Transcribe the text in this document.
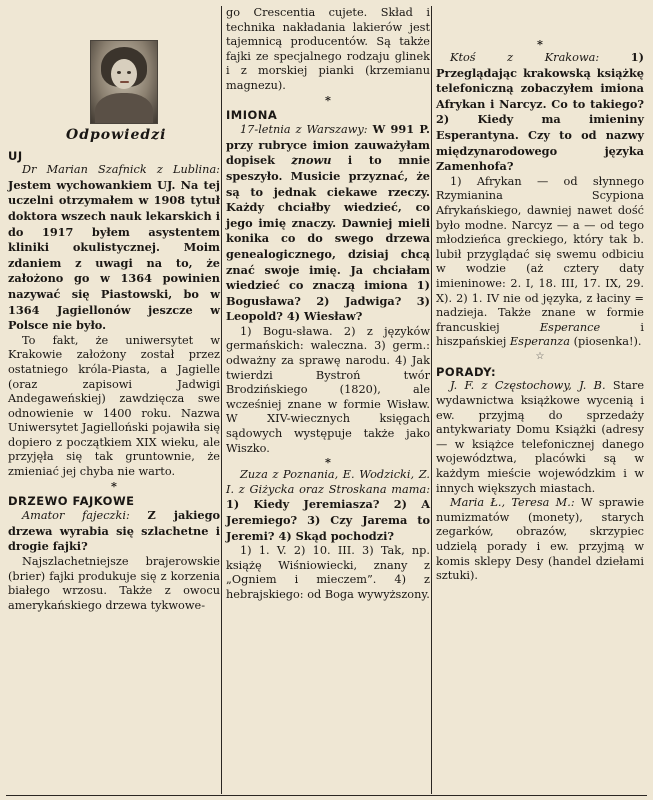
Odpowiedzi
UJ

Dr Marian Szafnick z Lublina: Jestem wychowankiem UJ. Na tej uczelni otrzymałem w 1908 tytuł doktora wszech nauk lekarskich i do 1917 byłem asystentem kliniki okulistycznej. Moim zdaniem z uwagi na to, że założono go w 1364 powinien nazywać się Piastowski, bo w 1364 Jagiellonów jeszcze w Polsce nie było.

To fakt, że uniwersytet w Krakowie założony został przez ostatniego króla-Piasta, a Jagielle (oraz zapisowi Jadwigi Andegaweńskiej) zawdzięcza swe odnowienie w 1400 roku. Nazwa Uniwersytet Jagielloński pojawiła się dopiero z początkiem XIX wieku, ale przyjęła się tak gruntownie, że zmieniać jej chyba nie warto.

*
DRZEWO FAJKOWE

Amator fajeczki: Z jakiego drzewa wyrabia się szlachetne i drogie fajki?

Najszlachetniejsze brajerowskie (brier) fajki produkuje się z korzenia białego wrzosu. Także z owocu amerykańskiego drzewa tykwowe-

go Crescentia cujete. Skład i technika nakładania lakierów jest tajemnicą producentów. Są także fajki ze specjalnego rodzaju glinek i z morskiej pianki (krzemianu magnezu).

*
IMIONA

17-letnia z Warszawy: W 991 P. przy rubryce imion zauważyłam dopisek znowu i to mnie speszyło. Musicie przyznać, że są to jednak ciekawe rzeczy. Każdy chciałby wiedzieć, co jego imię znaczy. Dawniej mieli konika co do swego drzewa genealogicznego, dzisiaj chcą znać swoje imię. Ja chciałam wiedzieć co znaczą imiona 1) Bogusława? 2) Jadwiga? 3) Leopold? 4) Wiesław?

1) Bogu-sława. 2) z języków germańskich: waleczna. 3) germ.: odważny za sprawę narodu. 4) Jak twierdzi Bystroń twór Brodzińskiego (1820), ale wcześniej znane w formie Wisław. W XIV-wiecznych księgach sądowych występuje także jako Wiszko.

*

Zuza z Poznania, E. Wodzicki, Z. I. z Giżycka oraz Stroskana mama: 1) Kiedy Jeremiasza? 2) A Jeremiego? 3) Czy Jarema to Jeremi? 4) Skąd pochodzi?

1) 1. V. 2) 10. III. 3) Tak, np. książę Wiśniowiecki, znany z „Ogniem i mieczem”. 4) z hebrajskiego: od Boga wywyższony.

*

Ktoś z Krakowa:	1) Przeglądając krakowską książkę telefoniczną zobaczyłem imiona Afrykan i Narcyz. Co to takiego? 2) Kiedy ma imieniny Esperantyna. Czy to od nazwy międzynarodowego języka Zamenhofa?

1) Afrykan — od słynnego Rzymianina Scypiona Afrykańskiego, dawniej nawet dość było modne. Narcyz — a — od tego młodzieńca greckiego, który tak b. lubił przyglądać się swemu odbiciu w wodzie (aż cztery daty imieninowe: 2. I, 18. III, 17. IX, 29. X). 2) 1. IV nie od języka, z łaciny = nadzieja. Także znane w formie francuskiej	Esperance	i hiszpańskiej Esperanza (piosenka!).

☆
PORADY:

J. F. z Częstochowy, J. B. Stare wydawnictwa książkowe wycenią i ew. przyjmą do sprzedaży antykwariaty Domu Książki (adresy — w książce telefonicznej danego województwa, placówki są w każdym mieście wojewódzkim i w innych większych miastach.

Maria Ł., Teresa M.: W sprawie numizmatów (monety), starych zegarków, obrazów, skrzypiec udzielą porady i ew. przyjmą w komis sklepy Desy (handel dziełami sztuki).
